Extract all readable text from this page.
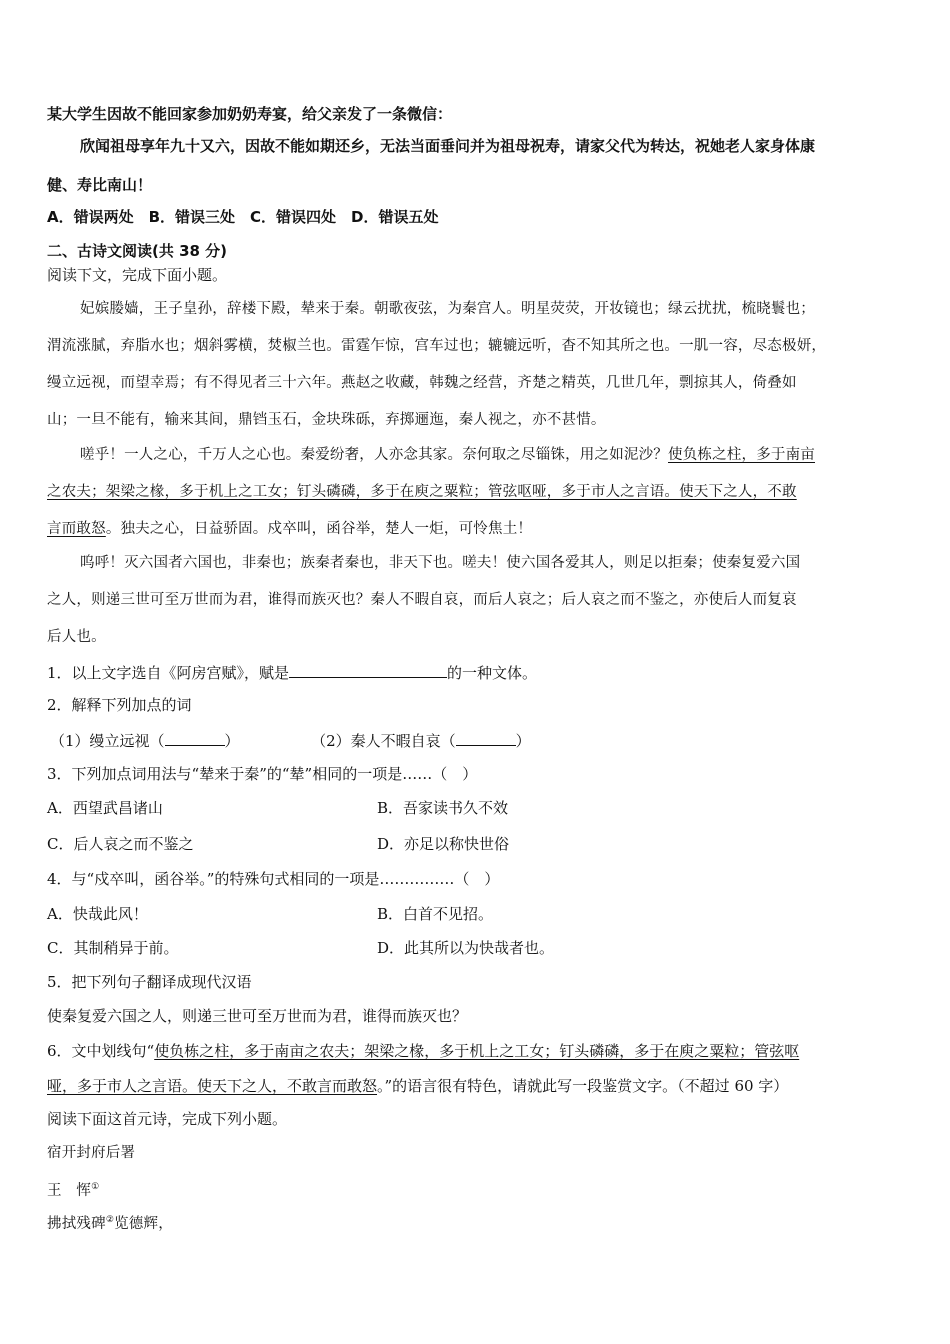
某大学生因故不能回家参加奶奶寿宴，给父亲发了一条微信：
欣闻祖母享年九十又六，因故不能如期还乡，无法当面垂问并为祖母祝寿，请家父代为转达，祝她老人家身体康
健、寿比南山！
A．错误两处　B．错误三处　C．错误四处　D．错误五处
二、古诗文阅读(共 38 分)
阅读下文，完成下面小题。
妃嫔媵嫱，王子皇孙，辞楼下殿，辇来于秦。朝歌夜弦，为秦宫人。明星荧荧，开妆镜也；绿云扰扰，梳晓鬟也；
渭流涨腻，弃脂水也；烟斜雾横，焚椒兰也。雷霆乍惊，宫车过也；辘辘远听，杳不知其所之也。一肌一容，尽态极妍，
缦立远视，而望幸焉；有不得见者三十六年。燕赵之收藏，韩魏之经营，齐楚之精英，几世几年，剽掠其人，倚叠如
山；一旦不能有，输来其间，鼎铛玉石，金块珠砾，弃掷逦迤，秦人视之，亦不甚惜。
嗟乎！一人之心，千万人之心也。秦爱纷奢，人亦念其家。奈何取之尽锱铢，用之如泥沙？使负栋之柱，多于南亩
之农夫；架梁之椽，多于机上之工女；钉头磷磷，多于在庾之粟粒；管弦呕哑，多于市人之言语。使天下之人，不敢
言而敢怒。独夫之心，日益骄固。戍卒叫，函谷举，楚人一炬，可怜焦土！
呜呼！灭六国者六国也，非秦也；族秦者秦也，非天下也。嗟夫！使六国各爱其人，则足以拒秦；使秦复爱六国
之人，则递三世可至万世而为君，谁得而族灭也？秦人不暇自哀，而后人哀之；后人哀之而不鉴之，亦使后人而复哀
后人也。
1．以上文字选自《阿房宫赋》，赋是	的一种文体。
2．解释下列加点的词
（1）缦立远视（	）	（2）秦人不暇自哀（	）
3．下列加点词用法与“辇来于秦”的“辇”相同的一项是……（　）
A．西望武昌诸山	B．吾家读书久不效
C．后人哀之而不鉴之	D．亦足以称快世俗
4．与“戍卒叫，函谷举。”的特殊句式相同的一项是……………（　）
A．快哉此风！	B．白首不见招。
C．其制稍异于前。	D．此其所以为快哉者也。
5．把下列句子翻译成现代汉语
使秦复爱六国之人，则递三世可至万世而为君，谁得而族灭也？
6．文中划线句“使负栋之柱，多于南亩之农夫；架梁之椽，多于机上之工女；钉头磷磷，多于在庾之粟粒；管弦呕
哑，多于市人之言语。使天下之人，不敢言而敢怒。”的语言很有特色，请就此写一段鉴赏文字。（不超过 60 字）
阅读下面这首元诗，完成下列小题。
宿开封府后署
王　恽①
拂拭残碑②览德辉，
